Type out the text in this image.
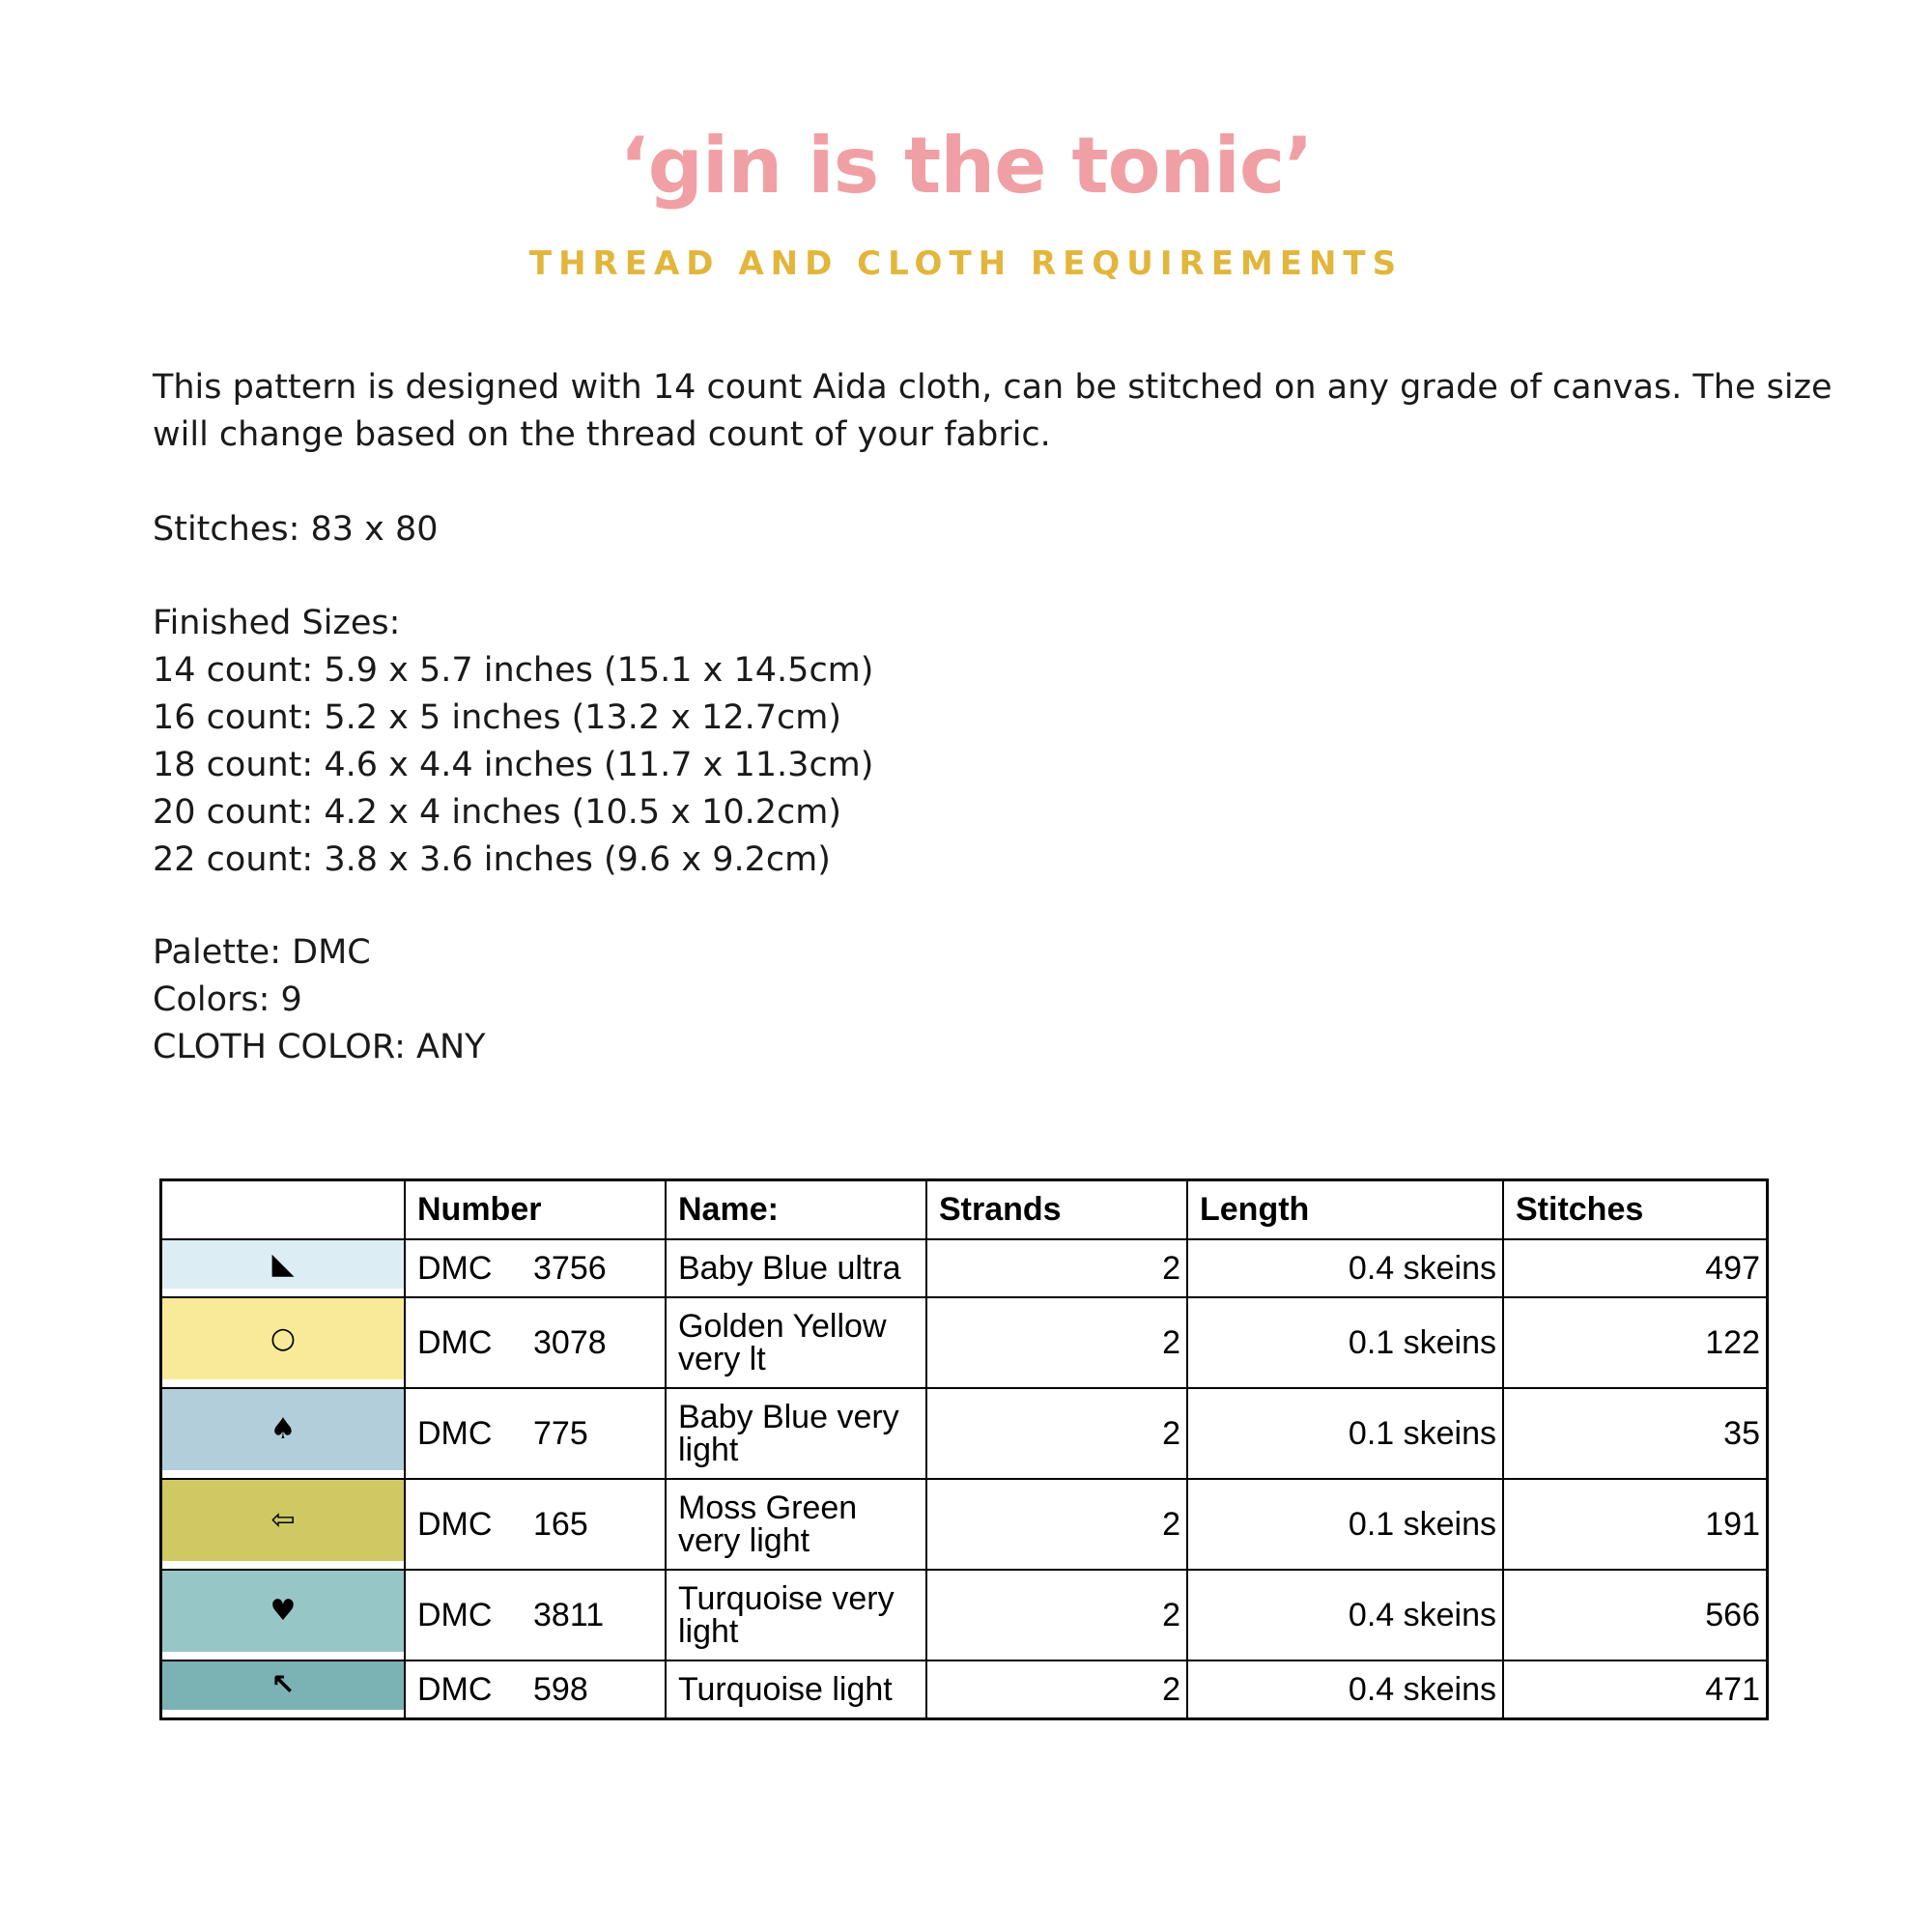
‘gin is the tonic’
THREAD AND CLOTH REQUIREMENTS

This pattern is designed with 14 count Aida cloth, can be stitched on any grade of canvas. The size
will change based on the thread count of your fabric.

Stitches: 83 x 80

Finished Sizes:
14 count: 5.9 x 5.7 inches (15.1 x 14.5cm)
16 count: 5.2 x 5 inches (13.2 x 12.7cm)
18 count: 4.6 x 4.4 inches (11.7 x 11.3cm)
20 count: 4.2 x 4 inches (10.5 x 10.2cm)
22 count: 3.8 x 3.6 inches (9.6 x 9.2cm)

Palette: DMC
Colors: 9
CLOTH COLOR: ANY

	Number	Name:	Strands	Length	Stitches

◣	DMC 3756	Baby Blue ultra	2	0.4 skeins	497

○	DMC 3078	Golden Yellow very lt	2	0.1 skeins	122

♠	DMC 775	Baby Blue very light	2	0.1 skeins	35

⇦	DMC 165	Moss Green very light	2	0.1 skeins	191

♥	DMC 3811	Turquoise very light	2	0.4 skeins	566

↖	DMC 598	Turquoise light	2	0.4 skeins	471
